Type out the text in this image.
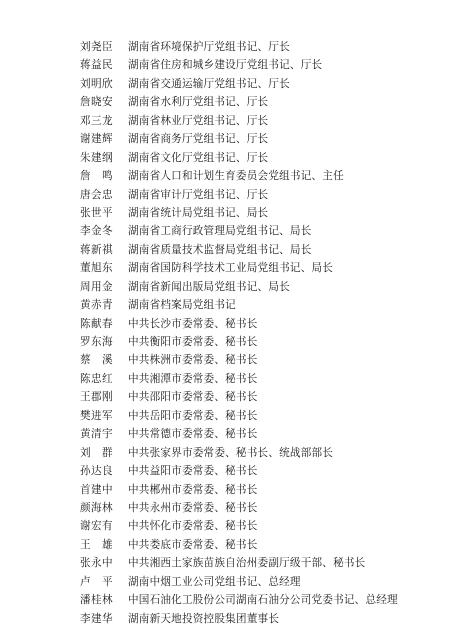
刘尧臣	湖南省环境保护厅党组书记、厅长
蒋益民	湖南省住房和城乡建设厅党组书记、厅长
刘明欣	湖南省交通运输厅党组书记、厅长
詹晓安	湖南省水利厅党组书记、厅长
邓三龙	湖南省林业厅党组书记、厅长
谢建辉	湖南省商务厅党组书记、厅长
朱建纲	湖南省文化厅党组书记、厅长
詹　鸣	湖南省人口和计划生育委员会党组书记、主任
唐会忠	湖南省审计厅党组书记、厅长
张世平	湖南省统计局党组书记、局长
李金冬	湖南省工商行政管理局党组书记、局长
蒋新祺	湖南省质量技术监督局党组书记、局长
董旭东	湖南省国防科学技术工业局党组书记、局长
周用金	湖南省新闻出版局党组书记、局长
黄赤青	湖南省档案局党组书记
陈献春	中共长沙市委常委、秘书长
罗东海	中共衡阳市委常委、秘书长
蔡　溪	中共株洲市委常委、秘书长
陈忠红	中共湘潭市委常委、秘书长
王郡刚	中共邵阳市委常委、秘书长
樊进军	中共岳阳市委常委、秘书长
黄清宇	中共常德市委常委、秘书长
刘　群	中共张家界市委常委、秘书长、统战部部长
孙达良	中共益阳市委常委、秘书长
首建中	中共郴州市委常委、秘书长
颜海林	中共永州市委常委、秘书长
谢宏有	中共怀化市委常委、秘书长
王　雄	中共娄底市委常委、秘书长
张永中	中共湘西土家族苗族自治州委副厅级干部、秘书长
卢　平	湖南中烟工业公司党组书记、总经理
潘桂林	中国石油化工股份公司湖南石油分公司党委书记、总经理
李建华	湖南新天地投资控股集团董事长
